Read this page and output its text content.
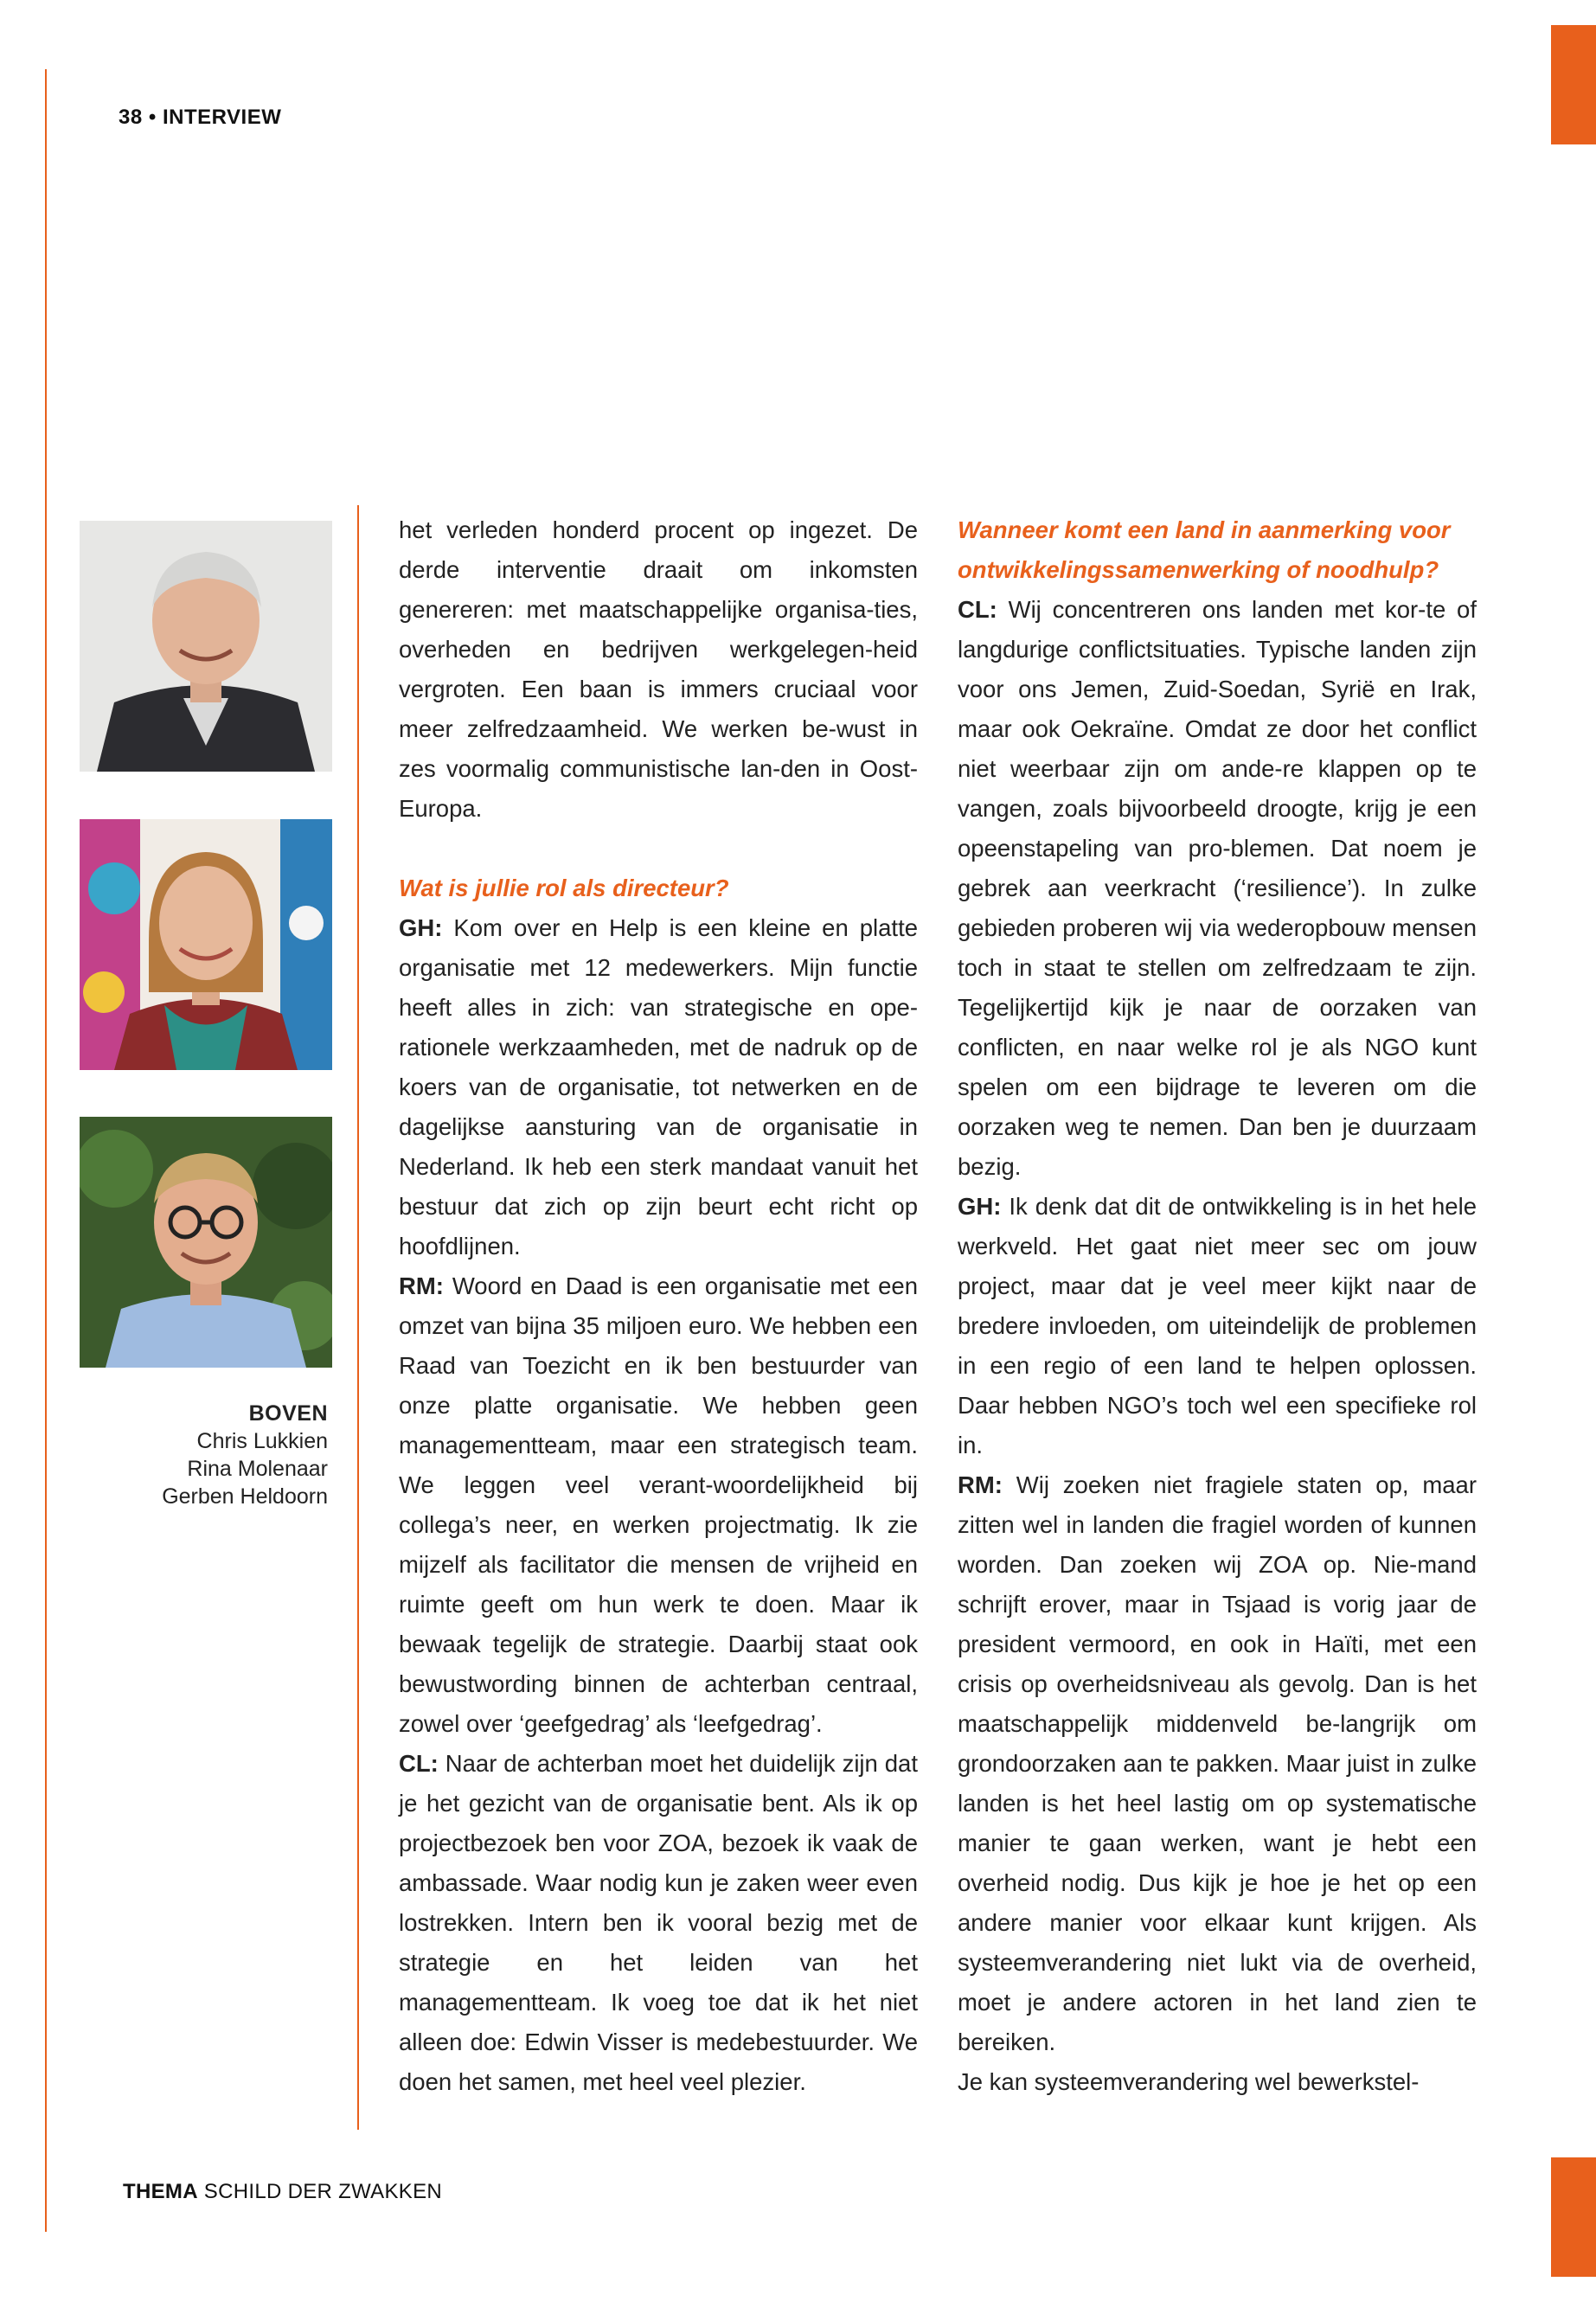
38 • INTERVIEW
BOVEN
Chris Lukkien
Rina Molenaar
Gerben Heldoorn

het verleden honderd procent op ingezet. De derde interventie draait om inkomsten genereren: met maatschappelijke organisa-ties, overheden en bedrijven werkgelegen-heid vergroten. Een baan is immers cruciaal voor meer zelfredzaamheid. We werken be-wust in zes voormalig communistische lan-den in Oost-Europa.

Wat is jullie rol als directeur?

GH: Kom over en Help is een kleine en platte organisatie met 12 medewerkers. Mijn functie heeft alles in zich: van strategische en ope-rationele werkzaamheden, met de nadruk op de koers van de organisatie, tot netwerken en de dagelijkse aansturing van de organisatie in Nederland. Ik heb een sterk mandaat vanuit het bestuur dat zich op zijn beurt echt richt op hoofdlijnen.

RM: Woord en Daad is een organisatie met een omzet van bijna 35 miljoen euro. We hebben een Raad van Toezicht en ik ben bestuurder van onze platte organisatie. We hebben geen managementteam, maar een strategisch team. We leggen veel verant-woordelijkheid bij collega’s neer, en werken projectmatig. Ik zie mijzelf als facilitator die mensen de vrijheid en ruimte geeft om hun werk te doen. Maar ik bewaak tegelijk de strategie. Daarbij staat ook bewustwording binnen de achterban centraal, zowel over ‘geefgedrag’ als ‘leefgedrag’.

CL: Naar de achterban moet het duidelijk zijn dat je het gezicht van de organisatie bent. Als ik op projectbezoek ben voor ZOA, bezoek ik vaak de ambassade. Waar nodig kun je zaken weer even lostrekken. Intern ben ik vooral bezig met de strategie en het leiden van het managementteam. Ik voeg toe dat ik het niet alleen doe: Edwin Visser is medebestuurder. We doen het samen, met heel veel plezier.

Wanneer komt een land in aanmerking voor ontwikkelingssamenwerking of noodhulp?

CL: Wij concentreren ons landen met kor-te of langdurige conflictsituaties. Typische landen zijn voor ons Jemen, Zuid-Soedan, Syrië en Irak, maar ook Oekraïne. Omdat ze door het conflict niet weerbaar zijn om ande-re klappen op te vangen, zoals bijvoorbeeld droogte, krijg je een opeenstapeling van pro-blemen. Dat noem je gebrek aan veerkracht (‘resilience’). In zulke gebieden proberen wij via wederopbouw mensen toch in staat te stellen om zelfredzaam te zijn. Tegelijkertijd kijk je naar de oorzaken van conflicten, en naar welke rol je als NGO kunt spelen om een bijdrage te leveren om die oorzaken weg te nemen. Dan ben je duurzaam bezig.

GH: Ik denk dat dit de ontwikkeling is in het hele werkveld. Het gaat niet meer sec om jouw project, maar dat je veel meer kijkt naar de bredere invloeden, om uiteindelijk de problemen in een regio of een land te helpen oplossen. Daar hebben NGO’s toch wel een specifieke rol in.

RM: Wij zoeken niet fragiele staten op, maar zitten wel in landen die fragiel worden of kunnen worden. Dan zoeken wij ZOA op. Nie-mand schrijft erover, maar in Tsjaad is vorig jaar de president vermoord, en ook in Haïti, met een crisis op overheidsniveau als gevolg. Dan is het maatschappelijk middenveld be-langrijk om grondoorzaken aan te pakken. Maar juist in zulke landen is het heel lastig om op systematische manier te gaan werken, want je hebt een overheid nodig. Dus kijk je hoe je het op een andere manier voor elkaar kunt krijgen. Als systeemverandering niet lukt via de overheid, moet je andere actoren in het land zien te bereiken.

Je kan systeemverandering wel bewerkstel-

THEMA SCHILD DER ZWAKKEN
